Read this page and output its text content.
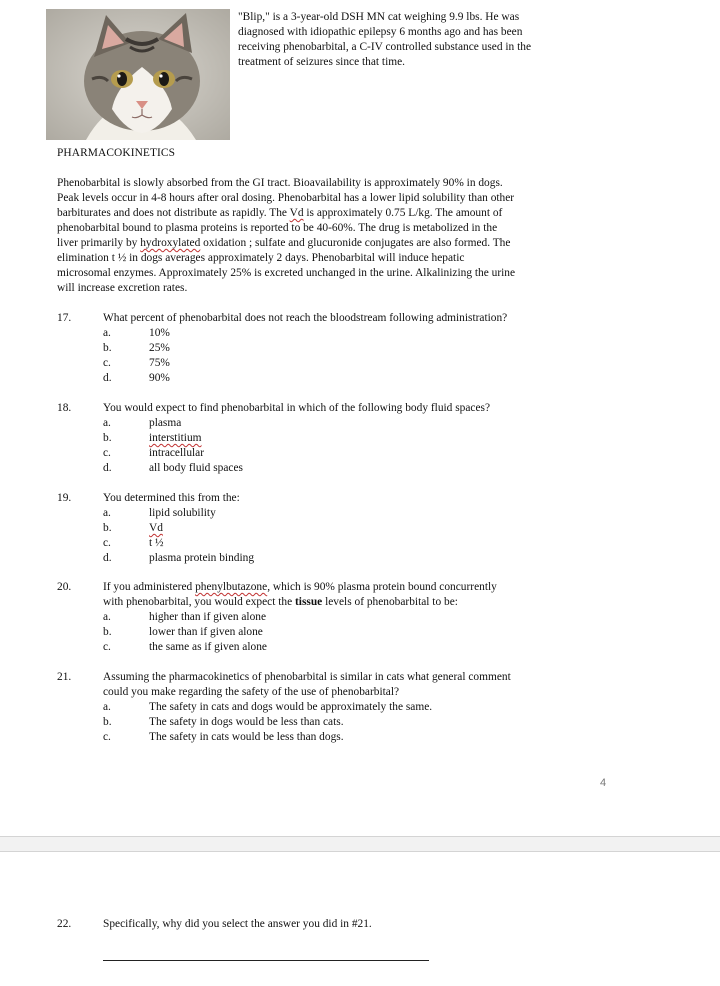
"Blip," is a 3-year-old DSH MN cat weighing 9.9 lbs. He was
diagnosed with idiopathic epilepsy 6 months ago and has been
receiving phenobarbital, a C-IV controlled substance used in the
treatment of seizures since that time.
PHARMACOKINETICS
Phenobarbital is slowly absorbed from the GI tract. Bioavailability is approximately 90% in dogs.
Peak levels occur in 4-8 hours after oral dosing. Phenobarbital has a lower lipid solubility than other
barbiturates and does not distribute as rapidly. The Vd is approximately 0.75 L/kg. The amount of
phenobarbital bound to plasma proteins is reported to be 40-60%. The drug is metabolized in the
liver primarily by hydroxylated oxidation ; sulfate and glucuronide conjugates are also formed. The
elimination t ½ in dogs averages approximately 2 days. Phenobarbital will induce hepatic
microsomal enzymes. Approximately 25% is excreted unchanged in the urine. Alkalinizing the urine
will increase excretion rates.
17.	What percent of phenobarbital does not reach the bloodstream following administration?
a.	10%
b.	25%
c.	75%
d.	90%
18.	You would expect to find phenobarbital in which of the following body fluid spaces?
a.	plasma
b.	interstitium
c.	intracellular
d.	all body fluid spaces
19.	You determined this from the:
a.	lipid solubility
b.	Vd
c.	t ½
d.	plasma protein binding
20.	If you administered phenylbutazone, which is 90% plasma protein bound concurrently
with phenobarbital, you would expect the tissue levels of phenobarbital to be:
a.	higher than if given alone
b.	lower than if given alone
c.	the same as if given alone
21.	Assuming the pharmacokinetics of phenobarbital is similar in cats what general comment
could you make regarding the safety of the use of phenobarbital?
a.	The safety in cats and dogs would be approximately the same.
b.	The safety in dogs would be less than cats.
c.	The safety in cats would be less than dogs.
4
22.	Specifically, why did you select the answer you did in #21.
